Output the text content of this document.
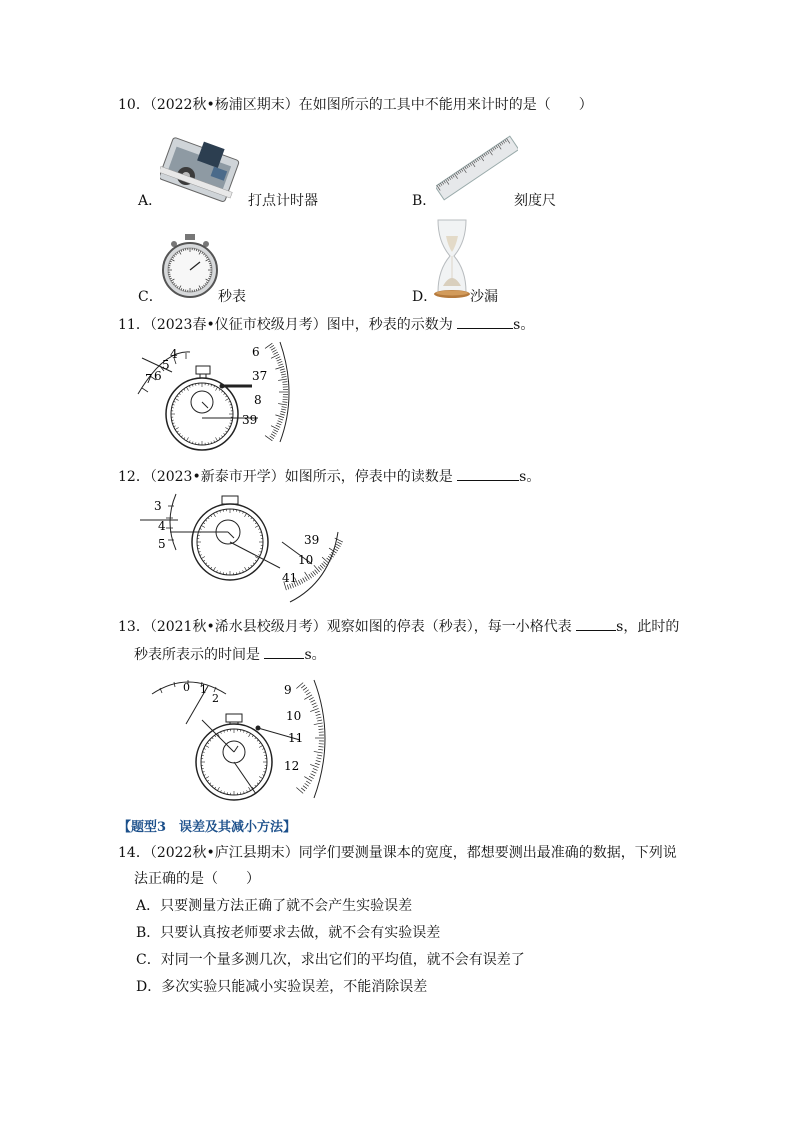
10．（2022秋•杨浦区期末）在如图所示的工具中不能用来计时的是（　　）
A．	打点计时器	B．	刻度尺
C．	秒表	D． 沙漏
11．（2023春•仪征市校级月考）图中，秒表的示数为	s。
4
5
6
7
6
37
8
39
12．（2023•新泰市开学）如图所示，停表中的读数是	s。
3
4
5	39
10
41
13．（2021秋•浠水县校级月考）观察如图的停表（秒表），每一小格代表	s，此时的
秒表所表示的时间是	s。
0 1
2
9
10
11
12
【题型3　误差及其减小方法】
14．（2022秋•庐江县期末）同学们要测量课本的宽度，都想要测出最准确的数据，下列说
法正确的是（　　）
A．只要测量方法正确了就不会产生实验误差
B．只要认真按老师要求去做，就不会有实验误差
C．对同一个量多测几次，求出它们的平均值，就不会有误差了
D．多次实验只能减小实验误差，不能消除误差
